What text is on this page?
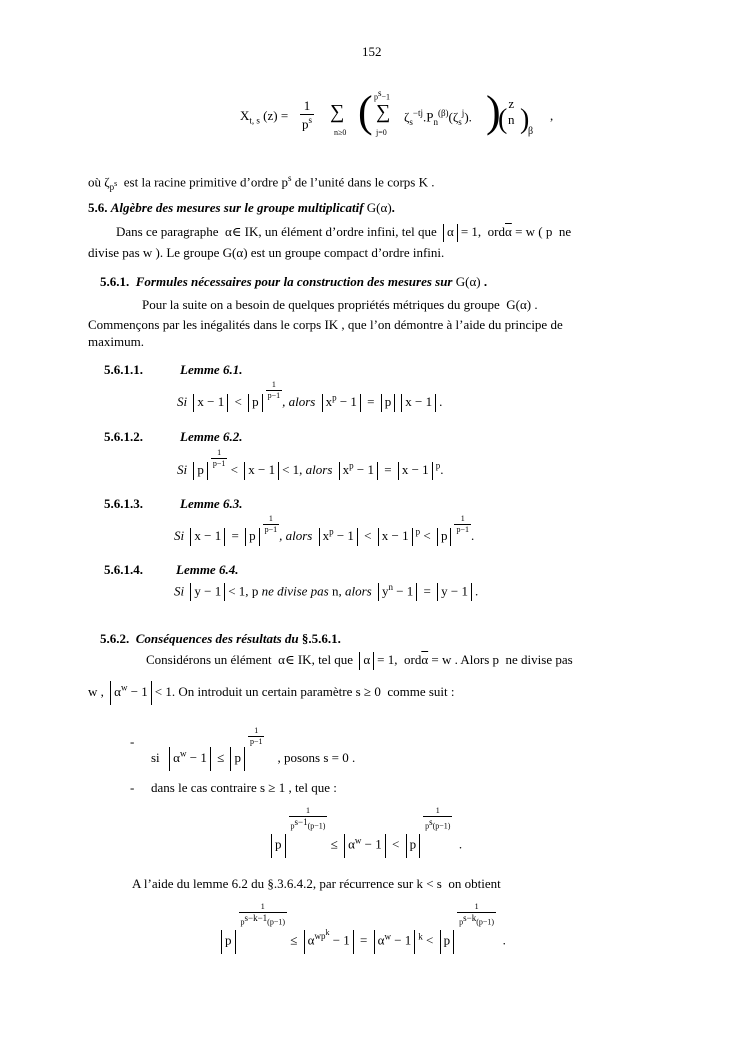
152
$X_{t, s}$ $(z) = \frac{1}{p^s}$ ∑
n≥0 ( $p^s-1$
∑
j=0
$\zeta_s^{-tj}.P_n^{(\beta)}(\zeta_s^j)$. (
z
n )
β
)	,
où $\zeta_{p^s}$ est la racine primitive d’ordre $p^s$ de l’unité dans le corps K .
5.6. Algèbre des mesures sur le groupe multiplicatif G(α).
Dans ce paragraphe α∈ IK, un élément d’ordre infini, tel que α = 1, $ord\overline{\alpha} = w$ ( p ne
divise pas w ). Le groupe G(α) est un groupe compact d’ordre infini.
5.6.1. Formules nécessaires pour la construction des mesures sur G(α) .
Pour la suite on a besoin de quelques propriétés métriques du groupe G(α) .
Commençons par les inégalités dans le corps IK , que l’on démontre à l’aide du principe de
maximum.
5.6.1.1.	Lemme 6.1.
Si x − 1 < p
$\frac{1}{p-1}$
, alors $x^p - 1 = p$ x − 1 .
5.6.1.2.	Lemme 6.2.
Si p
$\frac{1}{p-1}$
< x − 1 < 1, alors $x^p - 1 = x - 1$ $^p$.
5.6.1.3.	Lemme 6.3.
Si x − 1 = p
$\frac{1}{p-1}$
, alors $x^p - 1 < x - 1$ $^p$ < p
$\frac{1}{p-1}$
.
5.6.1.4.	Lemme 6.4.
Si y − 1 < 1, p ne divise pas n, alors $y^n - 1 = y - 1$ .
5.6.2. Conséquences des résultats du §.5.6.1.
Considérons un élément α∈ IK, tel que α = 1, $ord\overline{\alpha} = w$ . Alors p ne divise pas
w , $\alpha^w - 1 < 1$. On introduit un certain paramètre s ≥ 0 comme suit :
-
si $\alpha^w - 1 \le p$
$\frac{1}{p-1}$
, posons s = 0 .
- dans le cas contraire s ≥ 1 , tel que :
p
$\frac{1}{p^{s-1}(p-1)}$
≤ $\alpha^w - 1 < p$
$\frac{1}{p^s(p-1)}$
.
A l’aide du lemme 6.2 du §.3.6.4.2, par récurrence sur k < s on obtient
p
$\frac{1}{p^{s-k-1}(p-1)}$
≤ $\alpha^{wp^k} - 1 = \alpha^w - 1$ $^k$ < p
$\frac{1}{p^{s-k}(p-1)}$
.
